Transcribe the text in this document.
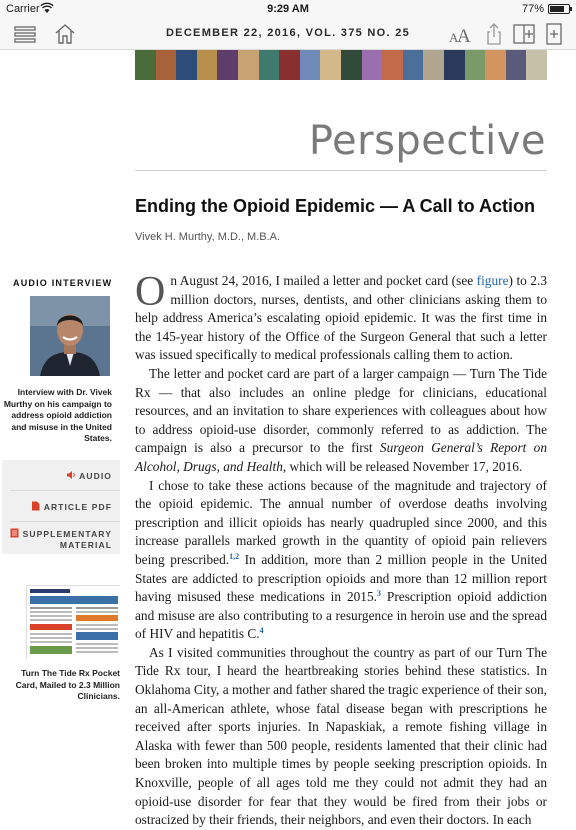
Carrier	9:29 AM	77%
DECEMBER 22, 2016, VOL. 375 NO. 25	A
A
Perspective
Ending the Opioid Epidemic — A Call to Action
Vivek H. Murthy, M.D., M.B.A.
AUDIO INTERVIEW
Interview with Dr. Vivek Murthy on his campaign to address opioid addiction and misuse in the United States.
AUDIO
ARTICLE PDF
SUPPLEMENTARY
MATERIAL
Turn The Tide Rx Pocket Card, Mailed to 2.3 Million Clinicians.

On August 24, 2016, I mailed a letter and pocket card (see figure) to 2.3 million doctors, nurses, dentists, and other clinicians asking them to help address America’s escalating opioid epidemic. It was the first time in the 145-year history of the Office of the Surgeon General that such a letter was issued specifically to medical professionals calling them to action.

The letter and pocket card are part of a larger campaign — Turn The Tide Rx — that also includes an online pledge for clinicians, educational resources, and an invitation to share experiences with colleagues about how to address opioid-use disorder, commonly referred to as addiction. The campaign is also a precursor to the first Surgeon General’s Report on Alcohol, Drugs, and Health, which will be released November 17, 2016.

I chose to take these actions because of the magnitude and trajectory of the opioid epidemic. The annual number of overdose deaths involving prescription and illicit opioids has nearly quadrupled since 2000, and this increase parallels marked growth in the quantity of opioid pain relievers being prescribed.$^{1,2}$ In addition, more than 2 million people in the United States are addicted to prescription opioids and more than 12 million report having misused these medications in 2015.$^3$ Prescription opioid addiction and misuse are also contributing to a resurgence in heroin use and the spread of HIV and hepatitis C.$^4$

As I visited communities throughout the country as part of our Turn The Tide Rx tour, I heard the heartbreaking stories behind these statistics. In Oklahoma City, a mother and father shared the tragic experience of their son, an all-American athlete, whose fatal disease began with prescriptions he received after sports injuries. In Napaskiak, a remote fishing village in Alaska with fewer than 500 people, residents lamented that their clinic had been broken into multiple times by people seeking prescription opioids. In Knoxville, people of all ages told me they could not admit they had an opioid-use disorder for fear that they would be fired from their jobs or ostracized by their friends, their neighbors, and even their doctors. In each
